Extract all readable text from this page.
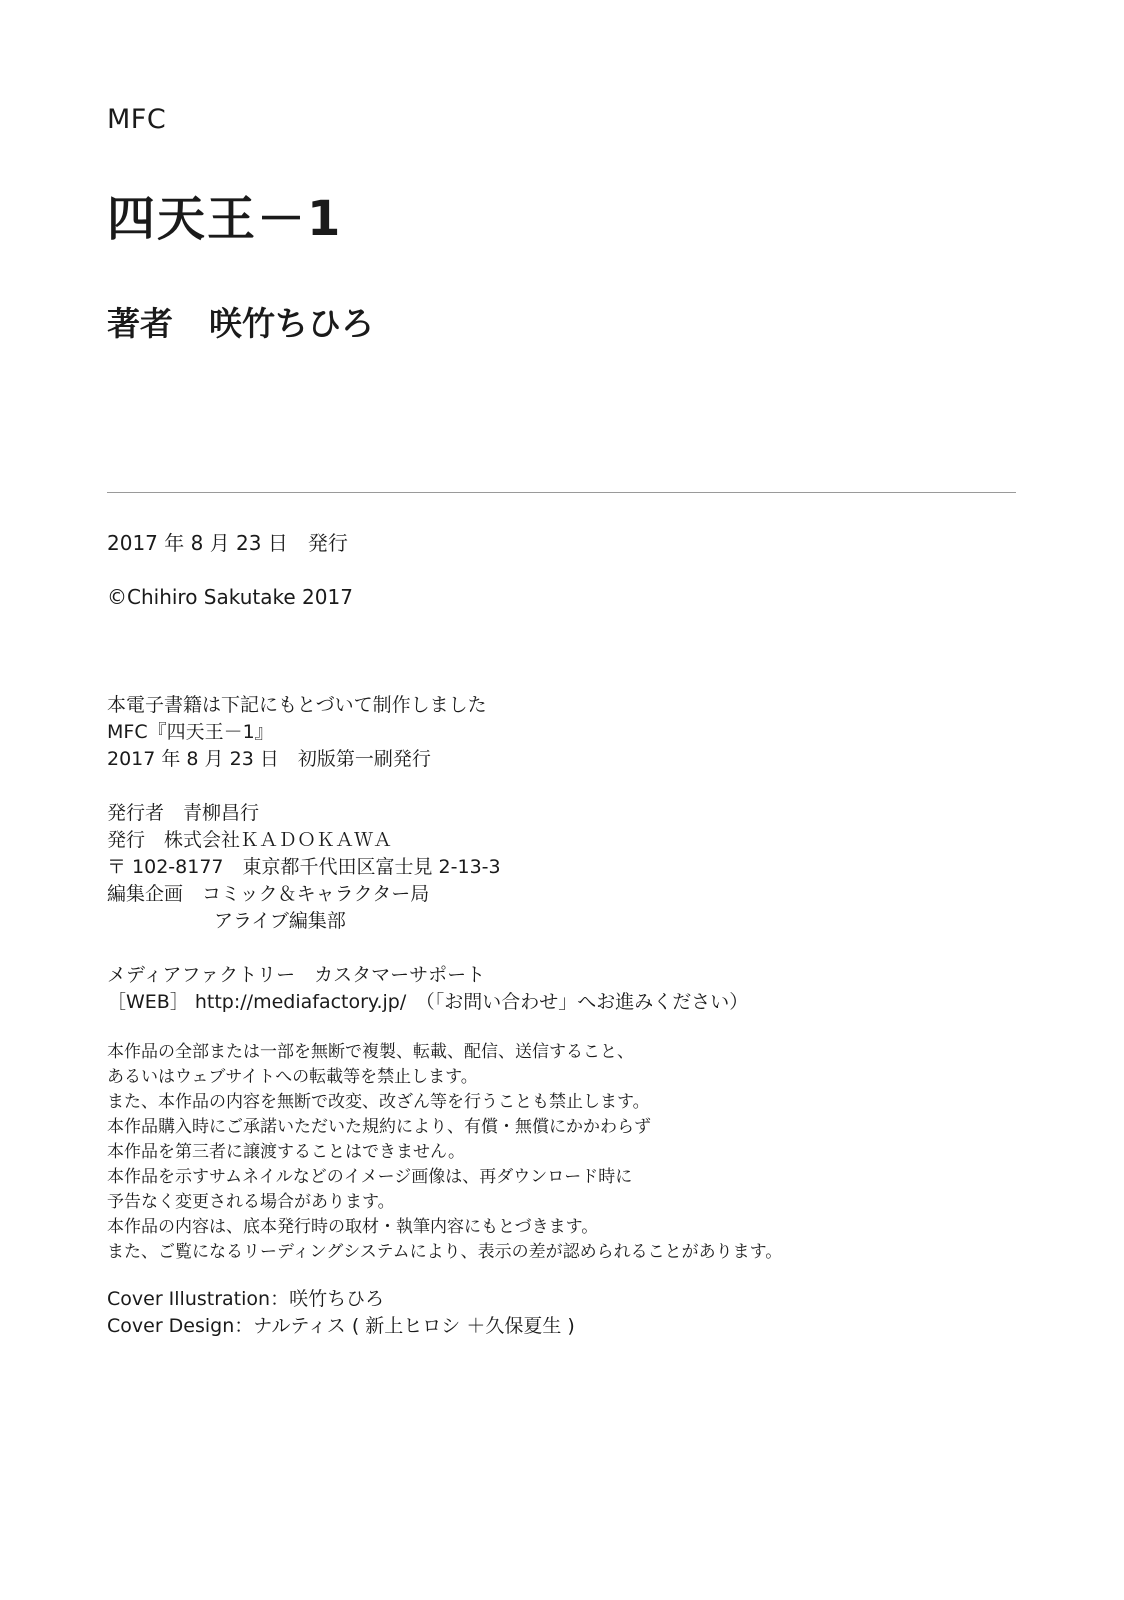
MFC
四天王－1
著者 咲竹ちひろ
2017 年 8 月 23 日　発行
©Chihiro Sakutake 2017
本電子書籍は下記にもとづいて制作しました
MFC『四天王－1』
2017 年 8 月 23 日　初版第一刷発行
発行者　青柳昌行
発行　株式会社ＫＡＤＯＫＡＷＡ
〒 102-8177　東京都千代田区富士見 2-13-3
編集企画　コミック＆キャラクター局
アライブ編集部
メディアファクトリー　カスタマーサポート
［WEB］ http://mediafactory.jp/　（「お問い合わせ」へお進みください）
本作品の全部または一部を無断で複製、転載、配信、送信すること、
あるいはウェブサイトへの転載等を禁止します。
また、本作品の内容を無断で改変、改ざん等を行うことも禁止します。
本作品購入時にご承諾いただいた規約により、有償・無償にかかわらず
本作品を第三者に譲渡することはできません。
本作品を示すサムネイルなどのイメージ画像は、再ダウンロード時に
予告なく変更される場合があります。
本作品の内容は、底本発行時の取材・執筆内容にもとづきます。
また、ご覧になるリーディングシステムにより、表示の差が認められることがあります。
Cover Illustration：咲竹ちひろ
Cover Design：ナルティス ( 新上ヒロシ ＋久保夏生 )
